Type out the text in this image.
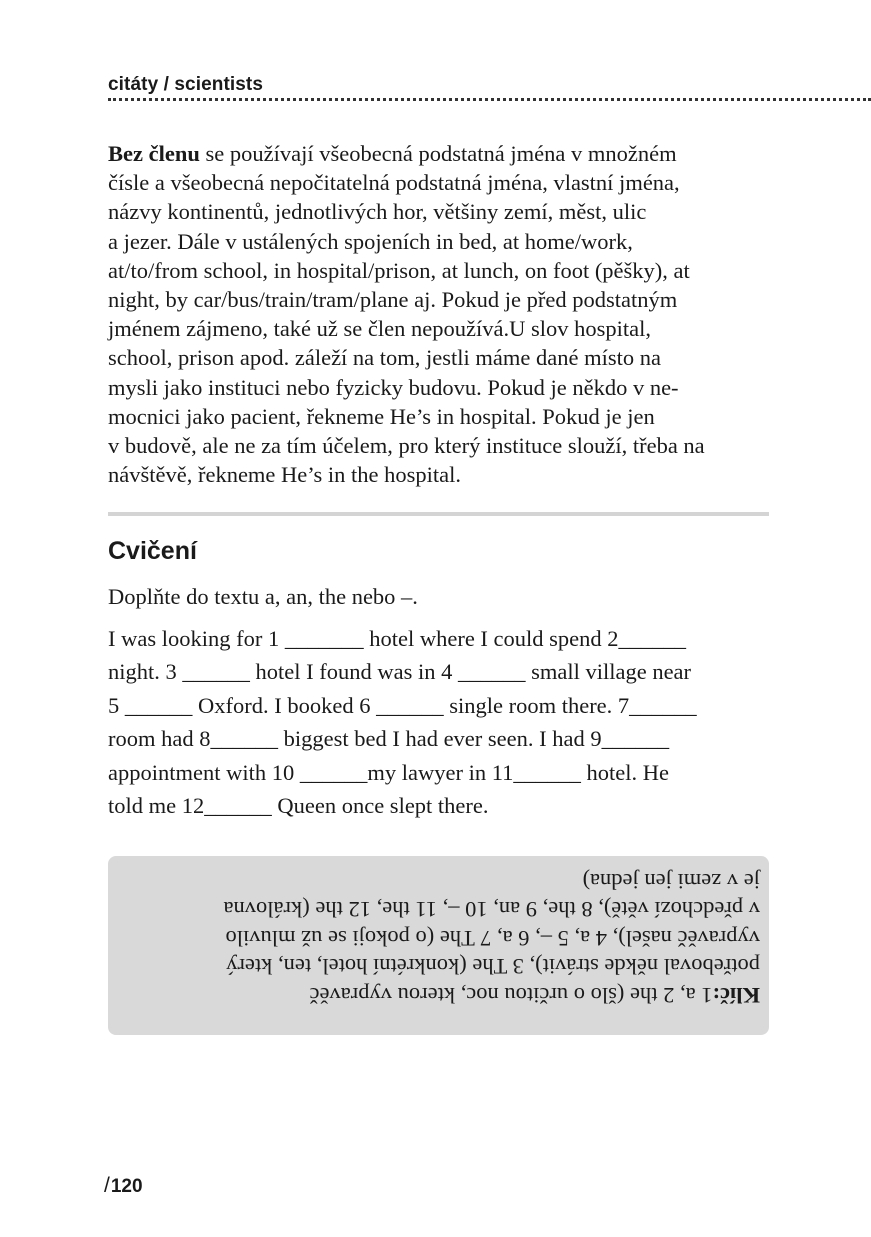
citáty / scientists

Bez členu se používají všeobecná podstatná jména v množném
čísle a všeobecná nepočitatelná podstatná jména, vlastní jména,
názvy kontinentů, jednotlivých hor, většiny zemí, měst, ulic
a jezer. Dále v ustálených spojeních in bed, at home/work,
at/to/from school, in hospital/prison, at lunch, on foot (pěšky), at
night, by car/bus/train/tram/plane aj. Pokud je před podstatným
jménem zájmeno, také už se člen nepoužívá.U slov hospital,
school, prison apod. záleží na tom, jestli máme dané místo na
mysli jako instituci nebo fyzicky budovu. Pokud je někdo v ne-
mocnici jako pacient, řekneme He’s in hospital. Pokud je jen
v budově, ale ne za tím účelem, pro který instituce slouží, třeba na
návštěvě, řekneme He’s in the hospital.

Cvičení

Doplňte do textu a, an, the nebo –.

I was looking for 1 _______ hotel where I could spend 2______
night. 3 ______ hotel I found was in 4 ______ small village near
5 ______ Oxford. I booked 6 ______ single room there. 7______
room had 8______ biggest bed I had ever seen. I had 9______
appointment with 10 ______my lawyer in 11______ hotel. He
told me 12______ Queen once slept there.

Klíč:1 a, 2 the (šlo o určitou noc, kterou vypravěč
potřeboval někde strávit), 3 The (konkrétní hotel, ten, který
vypravěč našel), 4 a, 5 –, 6 a, 7 The (o pokoji se už mluvilo
v předchozí větě), 8 the, 9 an, 10 –, 11 the, 12 the (královna
je v zemi jen jedna)

/120
